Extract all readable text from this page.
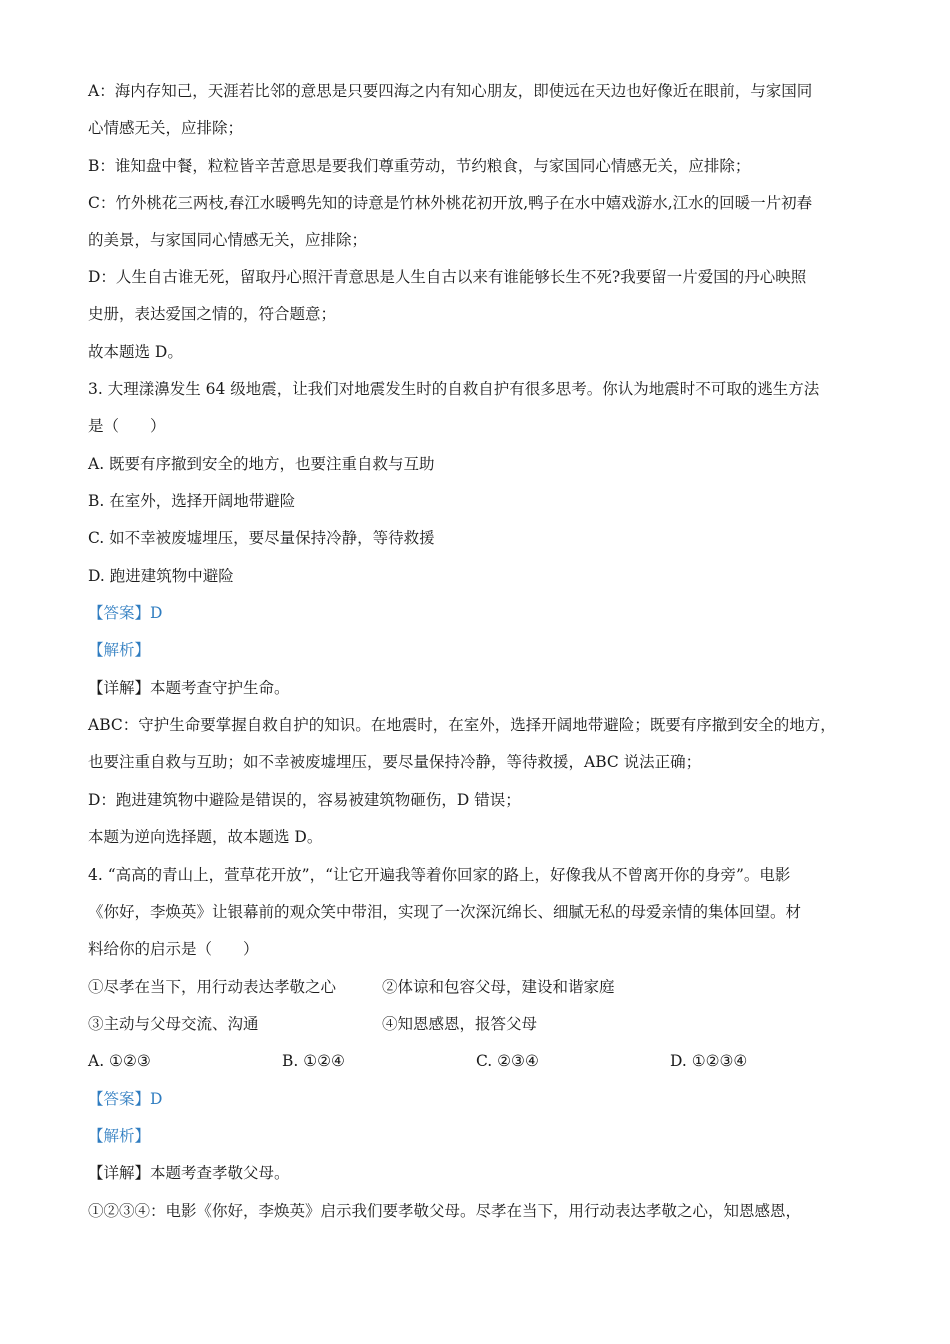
A：海内存知己，天涯若比邻的意思是只要四海之内有知心朋友，即使远在天边也好像近在眼前，与家国同
心情感无关，应排除；
B：谁知盘中餐，粒粒皆辛苦意思是要我们尊重劳动，节约粮食，与家国同心情感无关，应排除；
C：竹外桃花三两枝,春江水暖鸭先知的诗意是竹林外桃花初开放,鸭子在水中嬉戏游水,江水的回暖一片初春
的美景，与家国同心情感无关，应排除；
D：人生自古谁无死，留取丹心照汗青意思是人生自古以来有谁能够长生不死?我要留一片爱国的丹心映照
史册，表达爱国之情的，符合题意；
故本题选 D。
3. 大理漾濞发生 64 级地震，让我们对地震发生时的自救自护有很多思考。你认为地震时不可取的逃生方法
是（　　）
A. 既要有序撤到安全的地方，也要注重自救与互助
B. 在室外，选择开阔地带避险
C. 如不幸被废墟埋压，要尽量保持冷静，等待救援
D. 跑进建筑物中避险
【答案】D
【解析】
【详解】本题考查守护生命。
ABC：守护生命要掌握自救自护的知识。在地震时，在室外，选择开阔地带避险；既要有序撤到安全的地方，
也要注重自救与互助；如不幸被废墟埋压，要尽量保持冷静，等待救援，ABC 说法正确；
D：跑进建筑物中避险是错误的，容易被建筑物砸伤，D 错误；
本题为逆向选择题，故本题选 D。
4. “高高的青山上，萱草花开放”，“让它开遍我等着你回家的路上，好像我从不曾离开你的身旁”。电影
《你好，李焕英》让银幕前的观众笑中带泪，实现了一次深沉绵长、细腻无私的母爱亲情的集体回望。材
料给你的启示是（　　）
①尽孝在当下，用行动表达孝敬之心	②体谅和包容父母，建设和谐家庭
③主动与父母交流、沟通	④知恩感恩，报答父母
A. ①②③	B. ①②④	C. ②③④	D. ①②③④
【答案】D
【解析】
【详解】本题考查孝敬父母。
①②③④：电影《你好，李焕英》启示我们要孝敬父母。尽孝在当下，用行动表达孝敬之心，知恩感恩，
